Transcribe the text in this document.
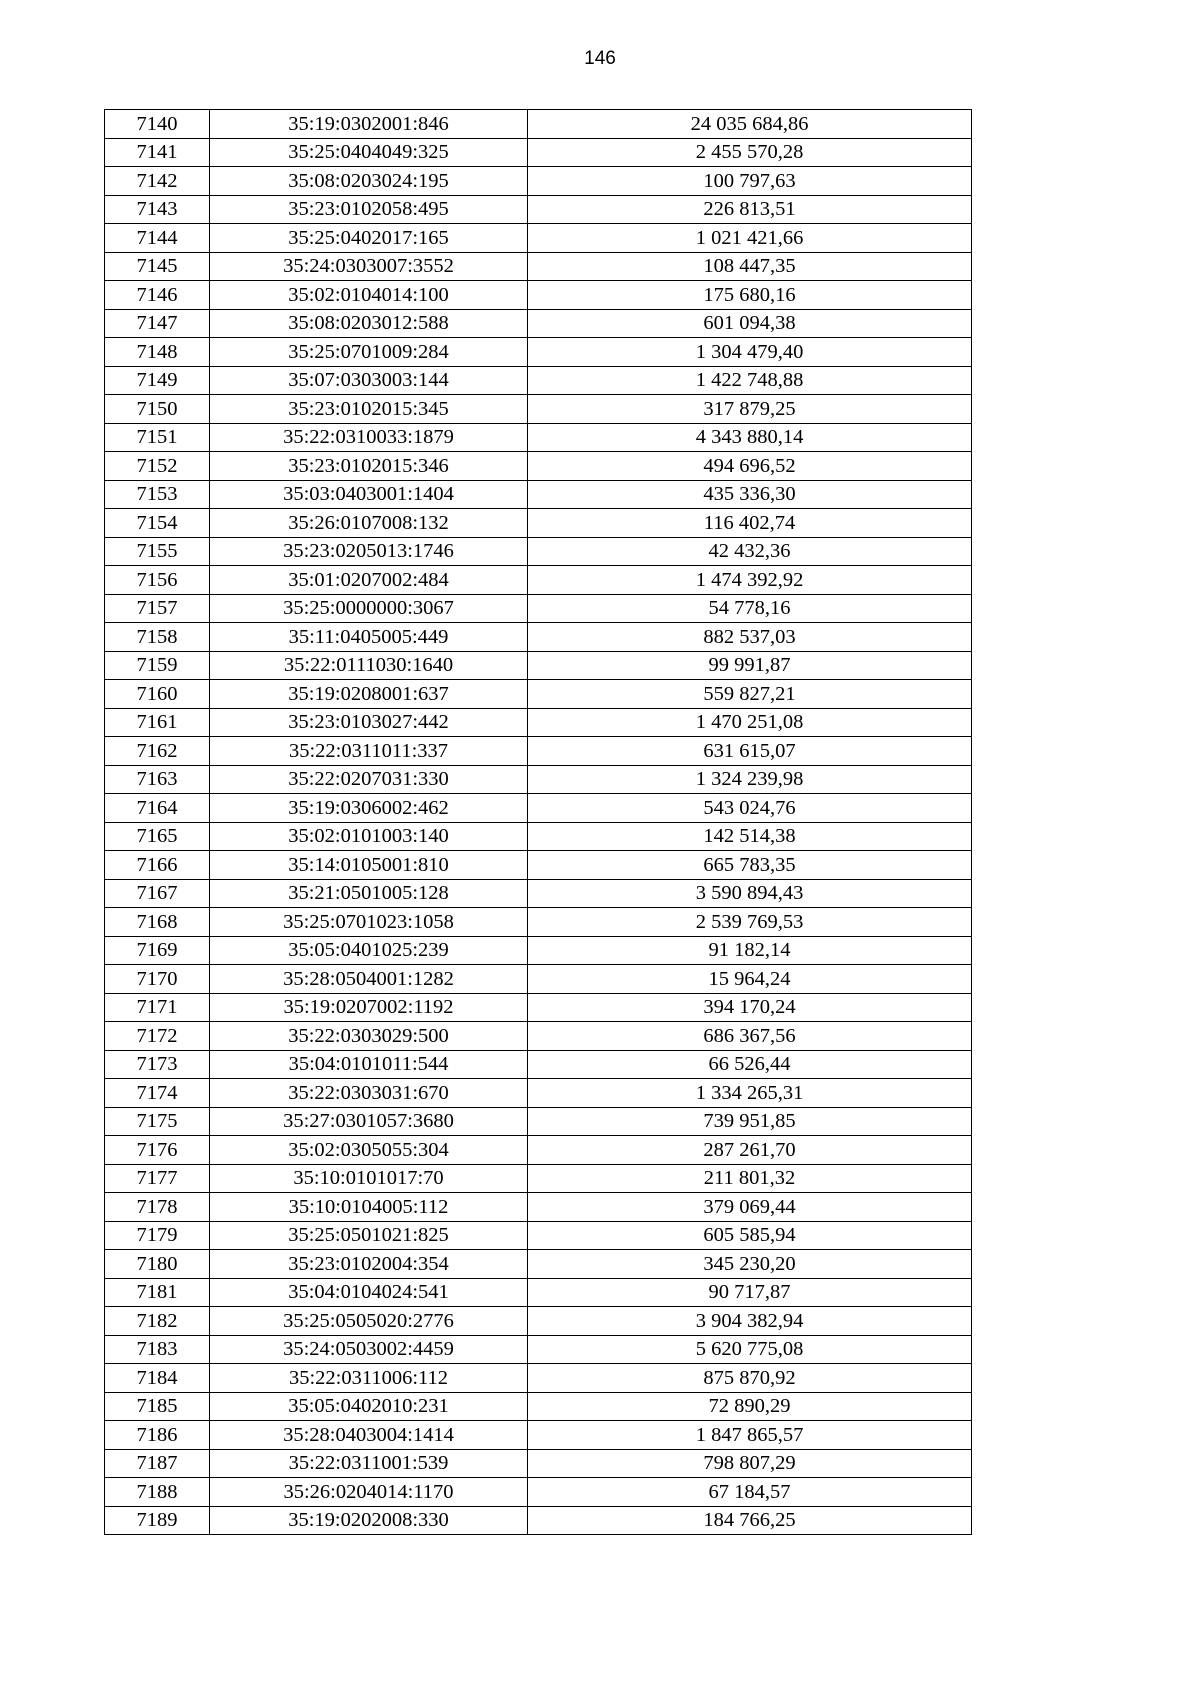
146
7140	35:19:0302001:846	24 035 684,86
7141	35:25:0404049:325	2 455 570,28
7142	35:08:0203024:195	100 797,63
7143	35:23:0102058:495	226 813,51
7144	35:25:0402017:165	1 021 421,66
7145	35:24:0303007:3552	108 447,35
7146	35:02:0104014:100	175 680,16
7147	35:08:0203012:588	601 094,38
7148	35:25:0701009:284	1 304 479,40
7149	35:07:0303003:144	1 422 748,88
7150	35:23:0102015:345	317 879,25
7151	35:22:0310033:1879	4 343 880,14
7152	35:23:0102015:346	494 696,52
7153	35:03:0403001:1404	435 336,30
7154	35:26:0107008:132	116 402,74
7155	35:23:0205013:1746	42 432,36
7156	35:01:0207002:484	1 474 392,92
7157	35:25:0000000:3067	54 778,16
7158	35:11:0405005:449	882 537,03
7159	35:22:0111030:1640	99 991,87
7160	35:19:0208001:637	559 827,21
7161	35:23:0103027:442	1 470 251,08
7162	35:22:0311011:337	631 615,07
7163	35:22:0207031:330	1 324 239,98
7164	35:19:0306002:462	543 024,76
7165	35:02:0101003:140	142 514,38
7166	35:14:0105001:810	665 783,35
7167	35:21:0501005:128	3 590 894,43
7168	35:25:0701023:1058	2 539 769,53
7169	35:05:0401025:239	91 182,14
7170	35:28:0504001:1282	15 964,24
7171	35:19:0207002:1192	394 170,24
7172	35:22:0303029:500	686 367,56
7173	35:04:0101011:544	66 526,44
7174	35:22:0303031:670	1 334 265,31
7175	35:27:0301057:3680	739 951,85
7176	35:02:0305055:304	287 261,70
7177	35:10:0101017:70	211 801,32
7178	35:10:0104005:112	379 069,44
7179	35:25:0501021:825	605 585,94
7180	35:23:0102004:354	345 230,20
7181	35:04:0104024:541	90 717,87
7182	35:25:0505020:2776	3 904 382,94
7183	35:24:0503002:4459	5 620 775,08
7184	35:22:0311006:112	875 870,92
7185	35:05:0402010:231	72 890,29
7186	35:28:0403004:1414	1 847 865,57
7187	35:22:0311001:539	798 807,29
7188	35:26:0204014:1170	67 184,57
7189	35:19:0202008:330	184 766,25
